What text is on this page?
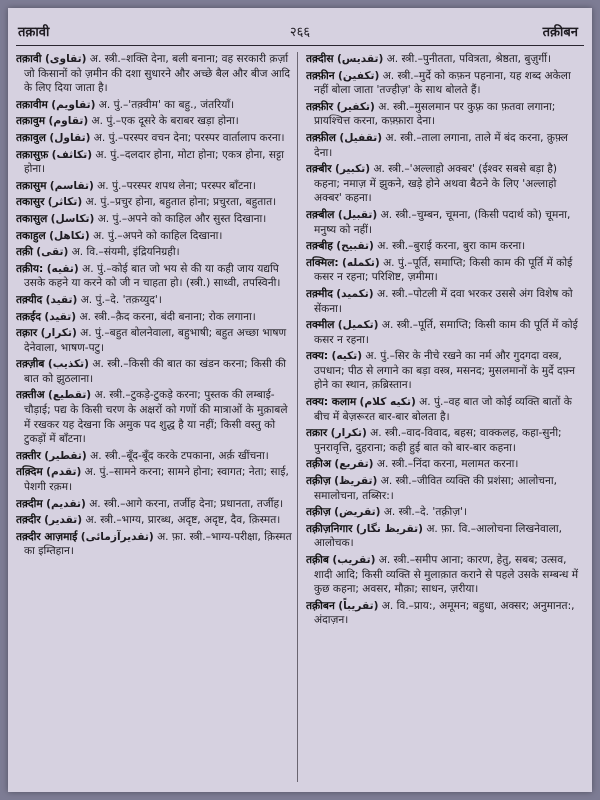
तक़ावी	२६६	तक़ीबन

तक़ावी (تقاوی) अ. स्त्री.–शक्ति देना, बली बनाना; वह सरकारी क़र्ज़ा जो किसानों को ज़मीन की दशा सुधारने और अच्छे बैल और बीज आदि के लिए दिया जाता है।

तक़ावीम (تقاویم) अ. पुं.–'तक़्वीम' का बहु., जंतरियाँ।

तक़ावुम (تقاوم) अ. पुं.–एक दूसरे के बराबर खड़ा होना।

तक़ावुल (تقاول) अ. पुं.–परस्पर वचन देना; परस्पर वार्तालाप करना।

तक़ासुफ़ (تکاثف) अ. पुं.–दलदार होना, मोटा होना; एकत्र होना, सट्टा होना।

तक़ासुम (تقاسم) अ. पुं.–परस्पर शपथ लेना; परस्पर बाँटना।

तकासुर (تکاثر) अ. पुं.–प्रचुर होना, बहुतात होना; प्रचुरता, बहुतात।

तकासुल (تکاسل) अ. पुं.–अपने को काहिल और सुस्त दिखाना।

तकाहुल (تکاهل) अ. पुं.–अपने को काहिल दिखाना।

तक़ी (تقی) अ. वि.–संयमी, इंद्रियनिग्रही।

तक़ीय: (تقیه) अ. पुं.–कोई बात जो भय से की या कही जाय यद्यपि उसके कहने या करने को जी न चाहता हो। (स्त्री.) साध्वी, तपस्विनी।

तक़्यीद (تقید) अ. पुं.–दे. 'तक़य्युद'।

तक़ईद (تقید) अ. स्त्री.–क़ैद करना, बंदी बनाना; रोक लगाना।

तक़्रार (تکرار) अ. पुं.–बहुत बोलनेवाला, बहुभाषी; बहुत अच्छा भाषण देनेवाला, भाषण-पटु।

तक़्ज़ीब (تکذیب) अ. स्त्री.–किसी की बात का खंडन करना; किसी की बात को झुठलाना।

तक़्तीअ (تقطیع) अ. स्त्री.–टुकड़े-टुकड़े करना; पुस्तक की लम्बाई-चौड़ाई; पद्य के किसी चरण के अक्षरों को गणों की मात्राओं के मुक़ाबले में रखकर यह देखना कि अमुक पद शुद्ध है या नहीं; किसी वस्तु को टुकड़ों में बाँटना।

तक़्तीर (تقطیر) अ. स्त्री.–बूँद-बूँद करके टपकाना, अर्क़ खींचना।

तक़्दिम (تقدم) अ. पुं.–सामने करना; सामने होना; स्वागत; नेता; साई, पेशगी रक़म।

तक़्दीम (تقدیم) अ. स्त्री.–आगे करना, तर्जीह देना; प्रधानता, तर्जीह।

तक़्दीर (تقدیر) अ. स्त्री.–भाग्य, प्रारब्ध, अदृष्ट, अदृष्ट, दैव, क़िस्मत।

तक़्दीर आज़माई (تقدیرآزمائی) अ. फ़ा. स्त्री.–भाग्य-परीक्षा, क़िस्मत का इम्तिहान।

तक़्दीस (تقدیس) अ. स्त्री.–पुनीतता, पवित्रता, श्रेष्ठता, बुज़ुर्गी।

तक़्फ़ीन (تکفین) अ. स्त्री.–मुर्दे को कफ़न पहनाना, यह शब्द अकेला नहीं बोला जाता 'तज्हीज़' के साथ बोलते हैं।

तक़्फ़ीर (تکفیر) अ. स्त्री.–मुसलमान पर कुफ़्र का फ़तवा लगाना; प्रायश्चित्त करना, कफ़्फ़ारा देना।

तक़्फ़ील (تقفیل) अ. स्त्री.–ताला लगाना, ताले में बंद करना, क़ुफ़्ल देना।

तक़्बीर (تکبیر) अ. स्त्री.–'अल्लाहो अक्बर' (ईश्वर सबसे बड़ा है) कहना; नमाज़ में झुकने, खड़े होने अथवा बैठने के लिए 'अल्लाहो अक्बर' कहना।

तक़्बील (تقبیل) अ. स्त्री.–चुम्बन, चूमना, (किसी पदार्थ को) चूमना, मनुष्य को नहीं।

तक़्बीह (تقبیح) अ. स्त्री.–बुराई करना, बुरा काम करना।

तक्मिल: (تکمله) अ. पुं.–पूर्ति, समाप्ति; किसी काम की पूर्ति में कोई कसर न रहना; परिशिष्ट, ज़मीमा।

तक़्मीद (تکمید) अ. स्त्री.–पोटली में दवा भरकर उससे अंग विशेष को सेंकना।

तक्मील (تکمیل) अ. स्त्री.–पूर्ति, समाप्ति; किसी काम की पूर्ति में कोई कसर न रहना।

तक्य: (تکیه) अ. पुं.–सिर के नीचे रखने का नर्म और गुदगदा वस्त्र, उपधान; पीठ से लगाने का बड़ा वस्त्र, मसनद; मुसलमानों के मुर्दे दफ़्न होने का स्थान, क़ब्रिस्तान।

तक्य: कलाम (تکیه کلام) अ. पुं.–वह बात जो कोई व्यक्ति बातों के बीच में बेज़रूरत बार-बार बोलता है।

तक्रार (تکرار) अ. स्त्री.–वाद-विवाद, बहस; वाक्कलह, कहा-सुनी; पुनरावृत्ति, दुहराना; कही हुई बात को बार-बार कहना।

तक़्रीअ (تقریع) अ. स्त्री.–निंदा करना, मलामत करना।

तक़्रीज़ (تقریظ) अ. स्त्री.–जीवित व्यक्ति की प्रशंसा; आलोचना, समालोचना, तब्सिर:।

तक़्रीज़ (تقریض) अ. स्त्री.–दे. 'तक़्रीज़'।

तक़्रीज़निगार (تقریظ نگار) अ. फ़ा. वि.–आलोचना लिखनेवाला, आलोचक।

तक़्रीब (تقریب) अ. स्त्री.–समीप आना; कारण, हेतु, सबब; उत्सव, शादी आदि; किसी व्यक्ति से मुलाक़ात कराने से पहले उसके सम्बन्ध में कुछ कहना; अवसर, मौक़ा; साधन, ज़रीया।

तक़्रीबन (تقریباً) अ. वि.–प्राय:, अमूमन; बहुधा, अक्सर; अनुमानत:, अंदाज़न।
